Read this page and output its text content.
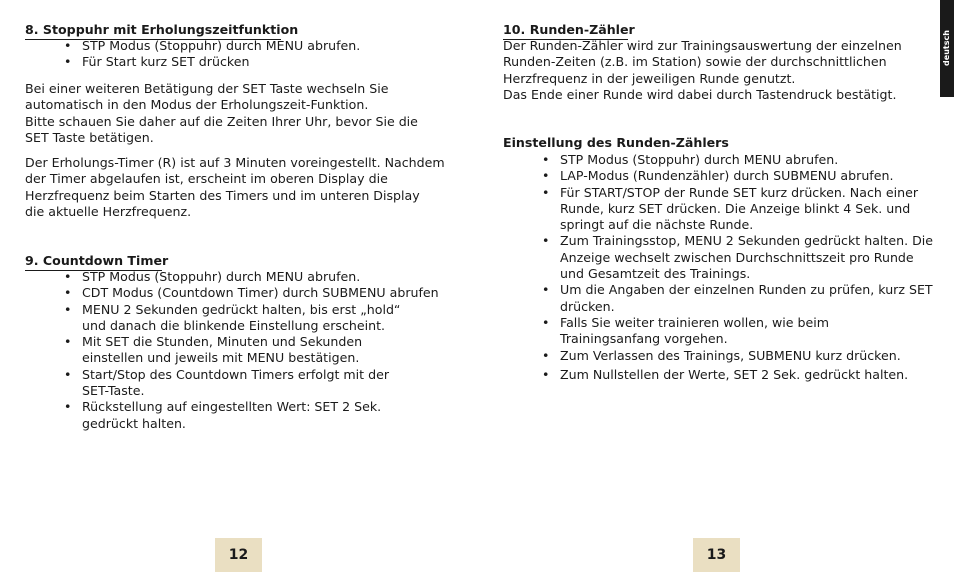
8. Stoppuhr mit Erholungszeitfunktion
• STP Modus (Stoppuhr) durch MENU abrufen.
• Für Start kurz SET drücken

Bei einer weiteren Betätigung der SET Taste wechseln Sie

automatisch in den Modus der Erholungszeit-Funktion.

Bitte schauen Sie daher auf die Zeiten Ihrer Uhr, bevor Sie die

SET Taste betätigen.

Der Erholungs-Timer (R) ist auf 3 Minuten voreingestellt. Nachdem

der Timer abgelaufen ist, erscheint im oberen Display die

Herzfrequenz beim Starten des Timers und im unteren Display

die aktuelle Herzfrequenz.

9. Countdown Timer
• STP Modus (Stoppuhr) durch MENU abrufen.
• CDT Modus (Countdown Timer) durch SUBMENU abrufen
• MENU 2 Sekunden gedrückt halten, bis erst „hold“ und danach die blinkende Einstellung erscheint.
• Mit SET die Stunden, Minuten und Sekunden einstellen und jeweils mit MENU bestätigen.
• Start/Stop des Countdown Timers erfolgt mit der SET-Taste.
• Rückstellung auf eingestellten Wert: SET 2 Sek. gedrückt halten.
12
10. Runden-Zähler

Der Runden-Zähler wird zur Trainingsauswertung der einzelnen

Runden-Zeiten (z.B. im Station) sowie der durchschnittlichen

Herzfrequenz in der jeweiligen Runde genutzt.

Das Ende einer Runde wird dabei durch Tastendruck bestätigt.

Einstellung des Runden-Zählers
• STP Modus (Stoppuhr) durch MENU abrufen.
• LAP-Modus (Rundenzähler) durch SUBMENU abrufen.
• Für START/STOP der Runde SET kurz drücken. Nach einer Runde, kurz SET drücken. Die Anzeige blinkt 4 Sek. und springt auf die nächste Runde.
• Zum Trainingsstop, MENU 2 Sekunden gedrückt halten. Die Anzeige wechselt zwischen Durchschnittszeit pro Runde und Gesamtzeit des Trainings.
• Um die Angaben der einzelnen Runden zu prüfen, kurz SET drücken.
• Falls Sie weiter trainieren wollen, wie beim Trainingsanfang vorgehen.
• Zum Verlassen des Trainings, SUBMENU kurz drücken.
• Zum Nullstellen der Werte, SET 2 Sek. gedrückt halten.
13
deutsch
